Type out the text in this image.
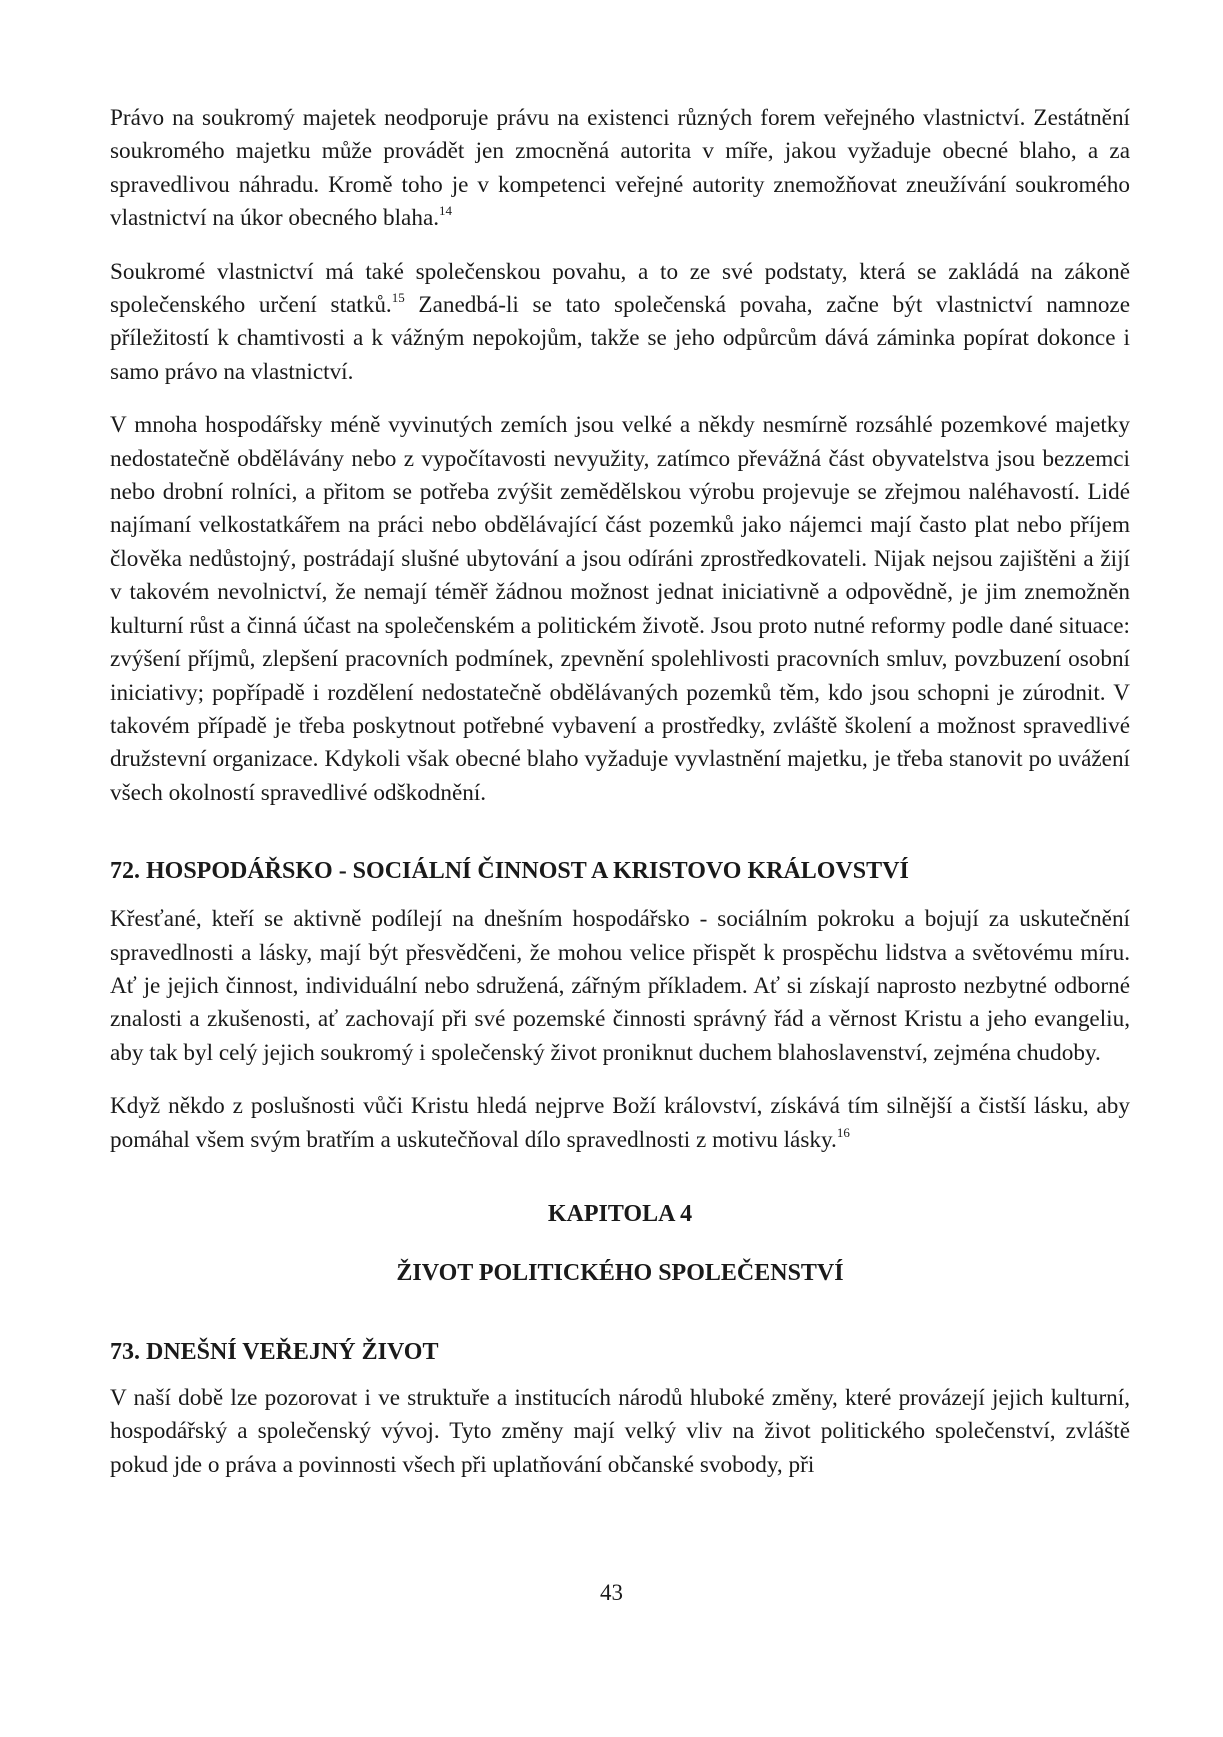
Právo na soukromý majetek neodporuje právu na existenci různých forem veřejného vlastnictví. Zestátnění soukromého majetku může provádět jen zmocněná autorita v míře, jakou vyžaduje obecné blaho, a za spravedlivou náhradu. Kromě toho je v kompetenci veřejné autority znemožňovat zneužívání soukromého vlastnictví na úkor obecného blaha.$^{14}$

Soukromé vlastnictví má také společenskou povahu, a to ze své podstaty, která se zakládá na zákoně společenského určení statků.$^{15}$ Zanedbá-li se tato společenská povaha, začne být vlastnictví namnoze příležitostí k chamtivosti a k vážným nepokojům, takže se jeho odpůrcům dává záminka popírat dokonce i samo právo na vlastnictví.

V mnoha hospodářsky méně vyvinutých zemích jsou velké a někdy nesmírně rozsáhlé pozemkové majetky nedostatečně obdělávány nebo z vypočítavosti nevyužity, zatímco převážná část obyvatelstva jsou bezzemci nebo drobní rolníci, a přitom se potřeba zvýšit zemědělskou výrobu projevuje se zřejmou naléhavostí. Lidé najímaní velkostatkářem na práci nebo obdělávající část pozemků jako nájemci mají často plat nebo příjem člověka nedůstojný, postrádají slušné ubytování a jsou odíráni zprostředkovateli. Nijak nejsou zajištěni a žijí v takovém nevolnictví, že nemají téměř žádnou možnost jednat iniciativně a odpovědně, je jim znemožněn kulturní růst a činná účast na společenském a politickém životě. Jsou proto nutné reformy podle dané situace: zvýšení příjmů, zlepšení pracovních podmínek, zpevnění spolehlivosti pracovních smluv, povzbuzení osobní iniciativy; popřípadě i rozdělení nedostatečně obdělávaných pozemků těm, kdo jsou schopni je zúrodnit. V takovém případě je třeba poskytnout potřebné vybavení a prostředky, zvláště školení a možnost spravedlivé družstevní organizace. Kdykoli však obecné blaho vyžaduje vyvlastnění majetku, je třeba stanovit po uvážení všech okolností spravedlivé odškodnění.

72. HOSPODÁŘSKO - SOCIÁLNÍ ČINNOST A KRISTOVO KRÁLOVSTVÍ

Křesťané, kteří se aktivně podílejí na dnešním hospodářsko - sociálním pokroku a bojují za uskutečnění spravedlnosti a lásky, mají být přesvědčeni, že mohou velice přispět k prospěchu lidstva a světovému míru. Ať je jejich činnost, individuální nebo sdružená, zářným příkladem. Ať si získají naprosto nezbytné odborné znalosti a zkušenosti, ať zachovají při své pozemské činnosti správný řád a věrnost Kristu a jeho evangeliu, aby tak byl celý jejich soukromý i společenský život proniknut duchem blahoslavenství, zejména chudoby.

Když někdo z poslušnosti vůči Kristu hledá nejprve Boží království, získává tím silnější a čistší lásku, aby pomáhal všem svým bratřím a uskutečňoval dílo spravedlnosti z motivu lásky.$^{16}$

KAPITOLA 4
ŽIVOT POLITICKÉHO SPOLEČENSTVÍ
73. DNEŠNÍ VEŘEJNÝ ŽIVOT

V naší době lze pozorovat i ve struktuře a institucích národů hluboké změny, které provázejí jejich kulturní, hospodářský a společenský vývoj. Tyto změny mají velký vliv na život politického společenství, zvláště pokud jde o práva a povinnosti všech při uplatňování občanské svobody, při

43
